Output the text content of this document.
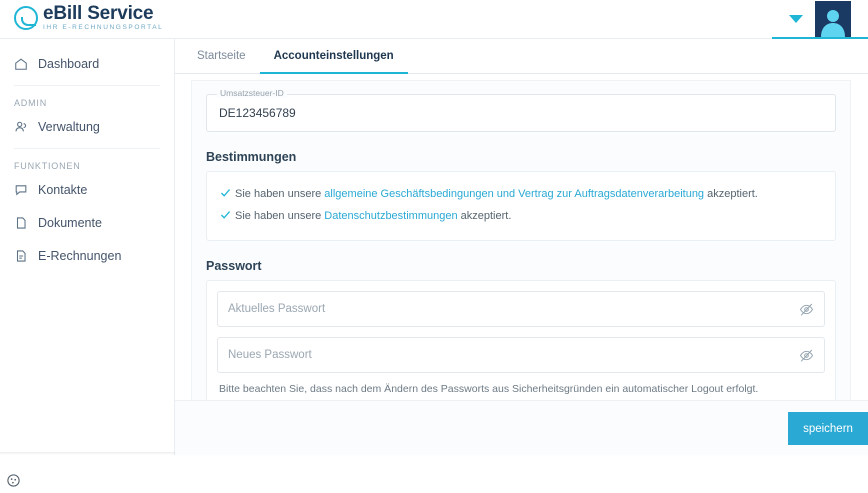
eBill Service
IHR E-RECHNUNGSPORTAL
Dashboard
ADMIN
Verwaltung
FUNKTIONEN
Kontakte
Dokumente
E-Rechnungen
Startseite	Accounteinstellungen
Umsatzsteuer-ID
DE123456789
Bestimmungen
Sie haben unsere allgemeine Geschäftsbedingungen und Vertrag zur Auftragsdatenverarbeitung akzeptiert.
Sie haben unsere Datenschutzbestimmungen akzeptiert.
Passwort
Aktuelles Passwort
Neues Passwort
Bitte beachten Sie, dass nach dem Ändern des Passworts aus Sicherheitsgründen ein automatischer Logout erfolgt.
speichern
